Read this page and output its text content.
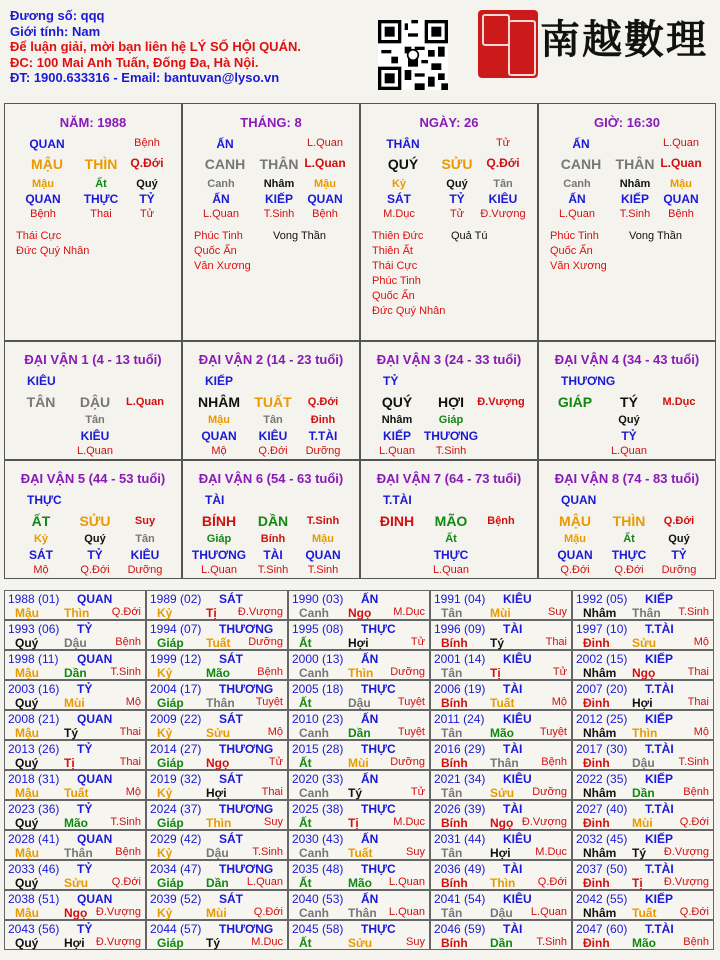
Đương số: qqq
Giới tính: Nam
Để luận giải, mời bạn liên hệ LÝ SỐ HỘI QUÁN.
ĐC: 100 Mai Anh Tuấn, Đống Đa, Hà Nội.
ĐT: 1900.633316 - Email: bantuvan@lyso.vn
南越數理
NĂM: 1988
QUAN	Bệnh
MẬU THÌN Q.Đới
Mậu	Ất	Quý
QUAN THỰC TỶ
Bệnh	Thai	Tử
Thái Cực
Đức Quý Nhân
THÁNG: 8
ẤN	L.Quan
CANH THÂN L.Quan
Canh	Nhâm Mậu
ẤN	KIẾP QUAN
L.Quan T.Sinh Bệnh
Phúc Tinh
Quốc Ấn
Văn Xương
Vong Thần
NGÀY: 26
THÂN	Tử
QUÝ SỬU Q.Đới
Kỷ	Quý Tân
SÁT	TỶ KIÊU
M.Dục	Tử Đ.Vượng
Thiên Đức
Thiên Ất
Thái Cực
Phúc Tinh
Quốc Ấn
Đức Quý Nhân
Quả Tú
GIỜ: 16:30
ẤN	L.Quan
CANH THÂN L.Quan
Canh	Nhâm Mậu
ẤN	KIẾP QUAN
L.Quan T.Sinh Bệnh
Phúc Tinh
Quốc Ấn
Văn Xương
Vong Thần
ĐẠI VẬN 1 (4 - 13 tuổi)
KIÊU
TÂN DẬU L.Quan
Tân
KIÊU
L.Quan
ĐẠI VẬN 2 (14 - 23 tuổi)
KIẾP
NHÂM TUẤT Q.Đới
Mậu	Tân	Đinh
QUAN KIÊU T.TÀI
Mộ	Q.Đới Dưỡng
ĐẠI VẬN 3 (24 - 33 tuổi)
TỶ
QUÝ HỢI Đ.Vượng
Nhâm Giáp
KIẾP THƯƠNG
L.Quan T.Sinh
ĐẠI VẬN 4 (34 - 43 tuổi)
THƯƠNG
GIÁP TÝ M.Dục
Quý
TỶ
L.Quan
ĐẠI VẬN 5 (44 - 53 tuổi)
THỰC
ẤT SỬU Suy
Kỷ	Quý	Tân
SÁT	TỶ KIÊU
Mộ	Q.Đới Dưỡng
ĐẠI VẬN 6 (54 - 63 tuổi)
TÀI
BÍNH DẦN T.Sinh
Giáp	Bính Mậu
THƯƠNG TÀI QUAN
L.Quan T.Sinh T.Sinh
ĐẠI VẬN 7 (64 - 73 tuổi)
T.TÀI
ĐINH MÃO Bệnh
Ất
THỰC
L.Quan
ĐẠI VẬN 8 (74 - 83 tuổi)
QUAN
MẬU THÌN Q.Đới
Mậu	Ất	Quý
QUAN THỰC TỶ
Q.Đới Q.Đới Dưỡng
1988 (01) QUAN
Mậu Thìn Q.Đới
1989 (02) SÁT
Kỷ	Tị Đ.Vượng
1990 (03) ẤN
Canh Ngọ M.Dục
1991 (04) KIÊU
Tân Mùi	Suy
1992 (05) KIẾP
Nhâm Thân T.Sinh
1993 (06) TỶ
Quý Dậu	Bệnh
1994 (07) THƯƠNG
Giáp Tuất Dưỡng
1995 (08) THỰC
Ất	Hợi	Tử
1996 (09) TÀI
Bính Tý	Thai
1997 (10) T.TÀI
Đinh Sửu	Mộ
1998 (11) QUAN
Mậu Dần T.Sinh
1999 (12) SÁT
Kỷ	Mão Bệnh
2000 (13) ẤN
Canh Thìn Dưỡng
2001 (14) KIÊU
Tân Tị	Tử
2002 (15) KIẾP
Nhâm Ngọ	Thai
2003 (16) TỶ
Quý Mùi	Mộ
2004 (17) THƯƠNG
Giáp Thân Tuyệt
2005 (18) THỰC
Ất	Dậu Tuyệt
2006 (19) TÀI
Bính Tuất	Mộ
2007 (20) T.TÀI
Đinh Hợi	Thai
2008 (21) QUAN
Mậu Tý	Thai
2009 (22) SÁT
Kỷ	Sửu	Mộ
2010 (23) ẤN
Canh Dần Tuyệt
2011 (24) KIÊU
Tân Mão Tuyệt
2012 (25) KIẾP
Nhâm Thìn	Mộ
2013 (26) TỶ
Quý Tị	Thai
2014 (27) THƯƠNG
Giáp Ngọ	Tử
2015 (28) THỰC
Ất	Mùi Dưỡng
2016 (29) TÀI
Bính Thân Bệnh
2017 (30) T.TÀI
Đinh Dậu T.Sinh
2018 (31) QUAN
Mậu Tuất	Mộ
2019 (32) SÁT
Kỷ	Hợi	Thai
2020 (33) ẤN
Canh Tý	Tử
2021 (34) KIÊU
Tân Sửu Dưỡng
2022 (35) KIẾP
Nhâm Dần	Bệnh
2023 (36) TỶ
Quý Mão T.Sinh
2024 (37) THƯƠNG
Giáp Thìn	Suy
2025 (38) THỰC
Ất	Tị	M.Dục
2026 (39) TÀI
Bính Ngọ Đ.Vượng
2027 (40) T.TÀI
Đinh Mùi Q.Đới
2028 (41) QUAN
Mậu Thân Bệnh
2029 (42) SÁT
Kỷ	Dậu T.Sinh
2030 (43) ẤN
Canh Tuất	Suy
2031 (44) KIÊU
Tân Hợi M.Dục
2032 (45) KIẾP
Nhâm Tý Đ.Vượng
2033 (46) TỶ
Quý Sửu Q.Đới
2034 (47) THƯƠNG
Giáp Dần L.Quan
2035 (48) THỰC
Ất	Mão L.Quan
2036 (49) TÀI
Bính Thìn Q.Đới
2037 (50) T.TÀI
Đinh Tị Đ.Vượng
2038 (51) QUAN
Mậu Ngọ Đ.Vượng
2039 (52) SÁT
Kỷ	Mùi Q.Đới
2040 (53) ẤN
Canh Thân L.Quan
2041 (54) KIÊU
Tân Dậu L.Quan
2042 (55) KIẾP
Nhâm Tuất Q.Đới
2043 (56) TỶ
Quý Hợi Đ.Vượng
2044 (57) THƯƠNG
Giáp Tý	M.Dục
2045 (58) THỰC
Ất	Sửu	Suy
2046 (59) TÀI
Bính Dần T.Sinh
2047 (60) T.TÀI
Đinh Mão Bệnh
